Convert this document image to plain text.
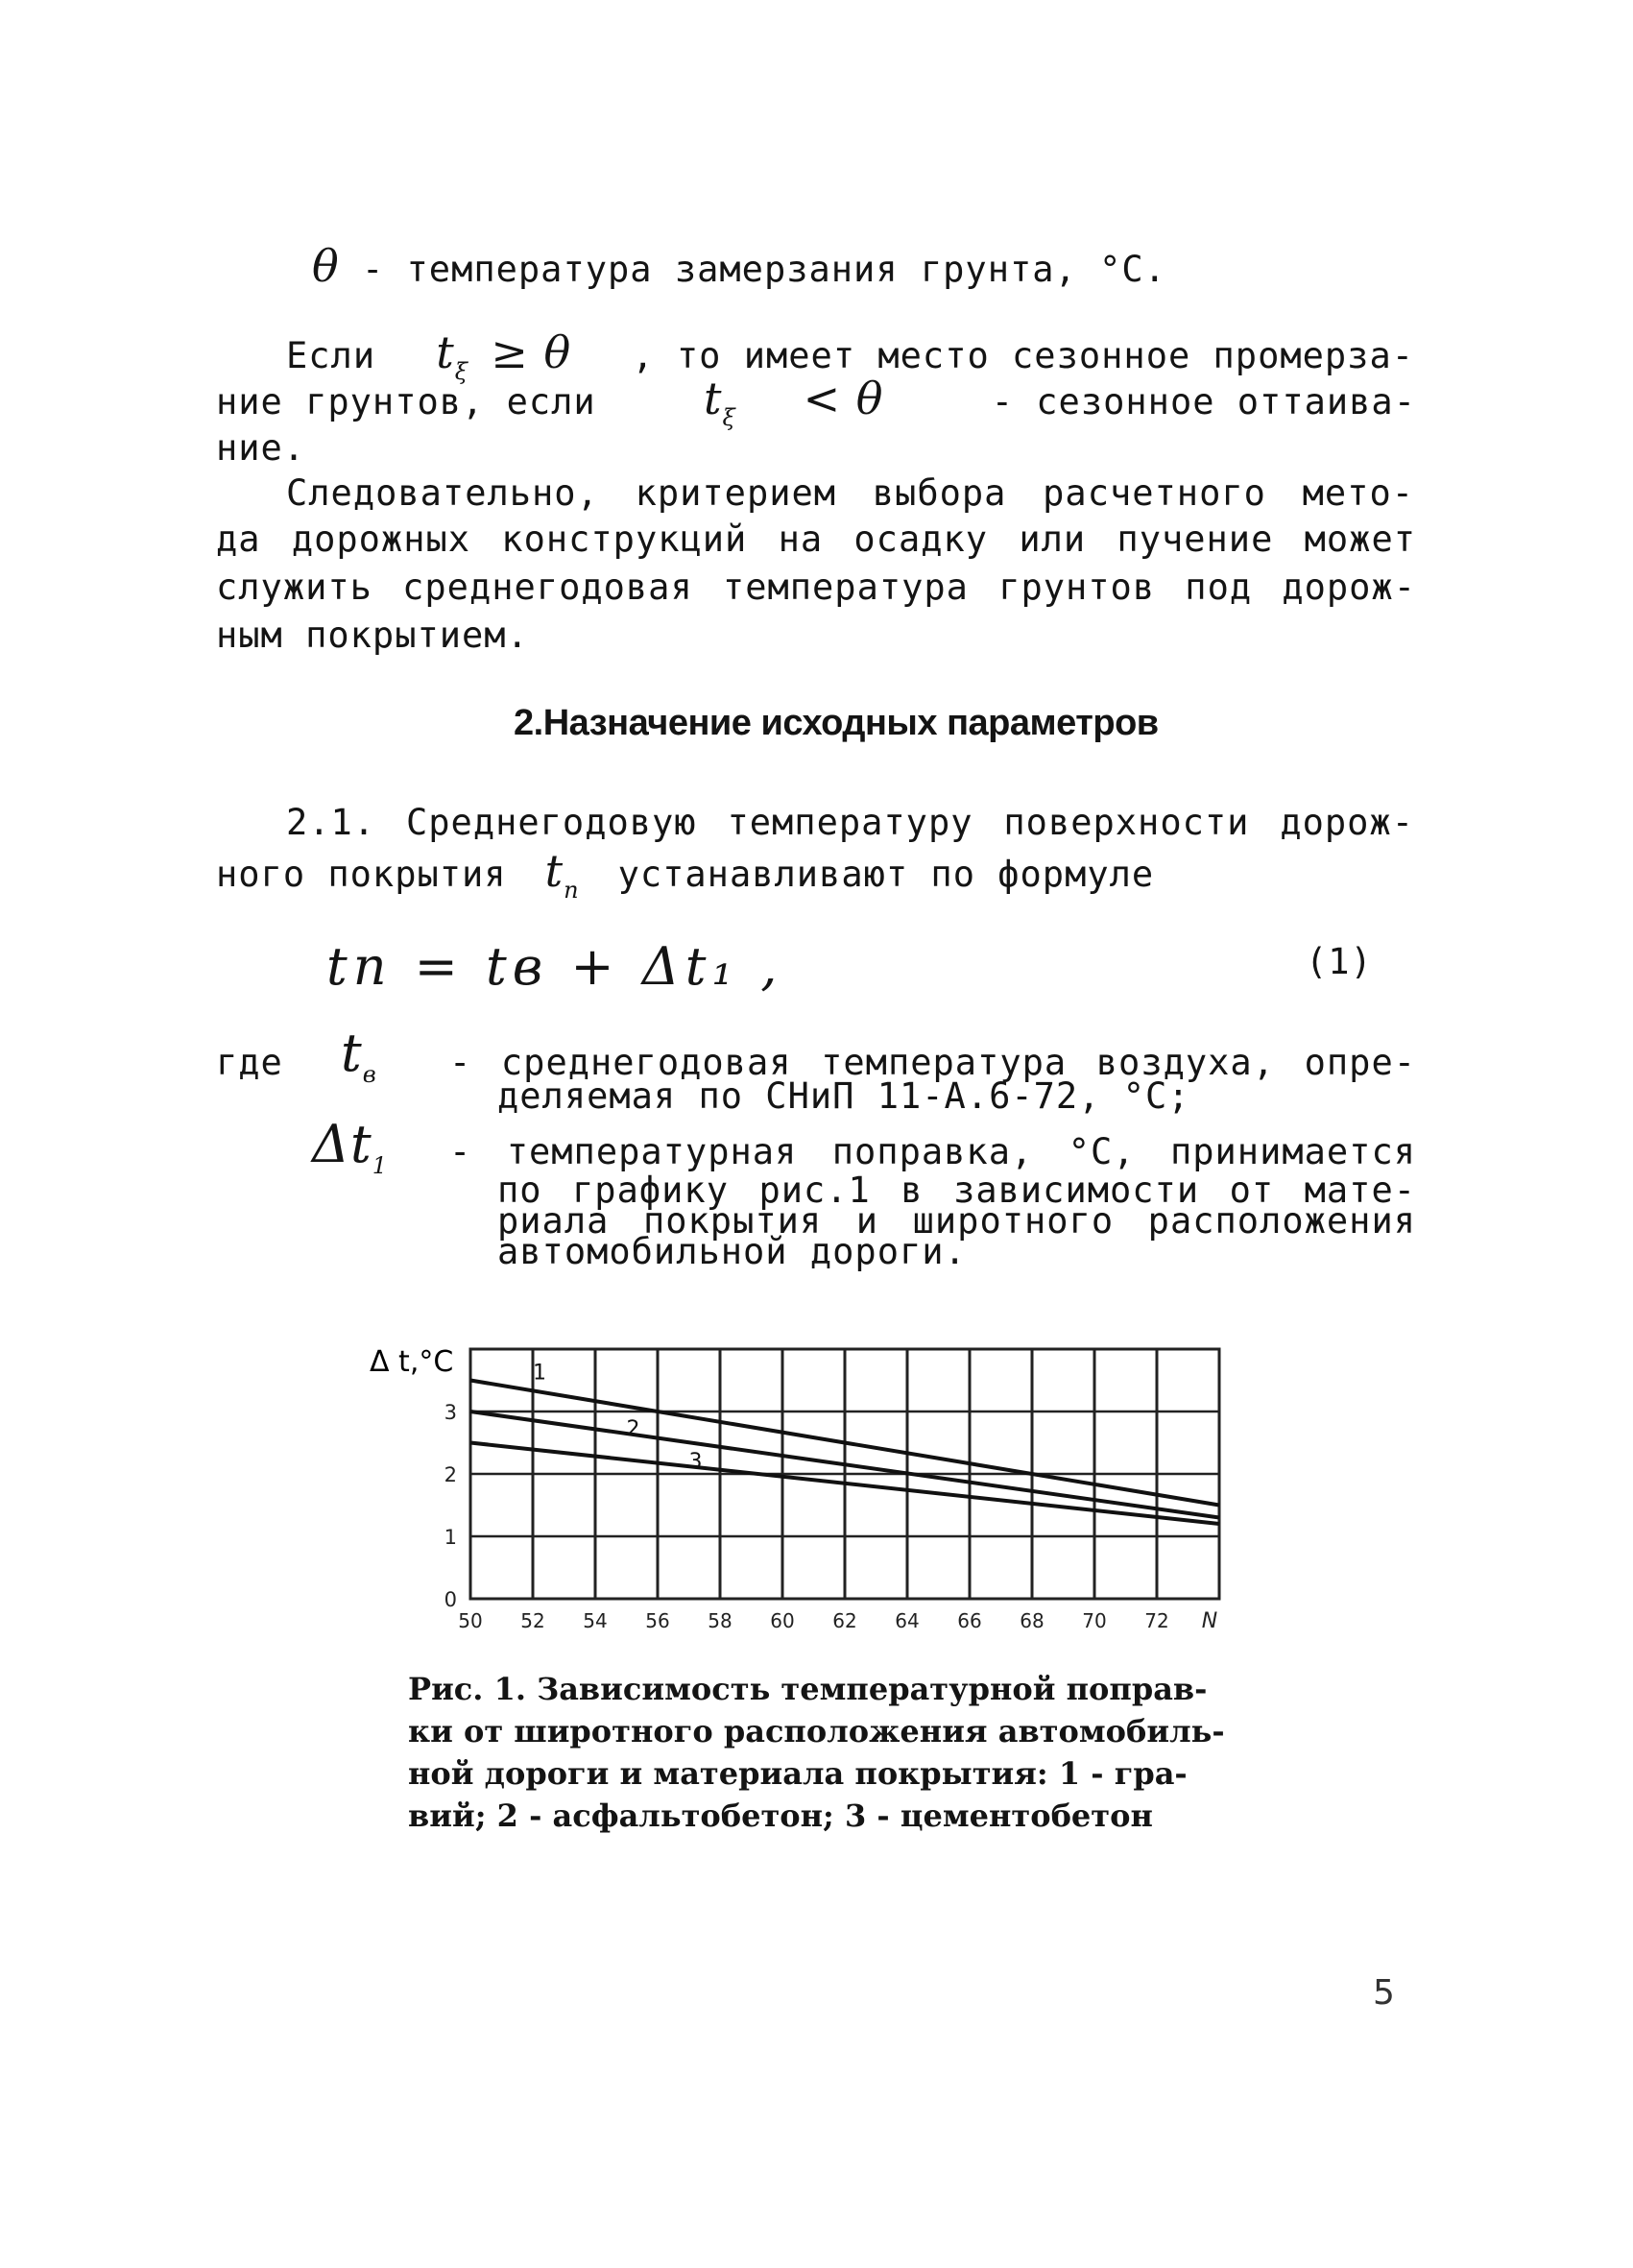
θ - температура замерзания грунта, °С.
Если $t_\xi \ge \theta$ , то имеет место сезонное промерза-
ние грунтов, если $t_\xi < \theta$	- сезонное оттаива-
ние.
Следовательно, критерием выбора расчетного мето-
да дорожных конструкций на осадку или пучение может
служить среднегодовая температура грунтов под дорож-
ным покрытием.
2.Назначение исходных параметров
2.1. Среднегодовую температуру поверхности дорож-
ного покрытия $t_п$ устанавливают по формуле
tп = tв + Δt₁ ,	(1)
где $t_в$ - среднегодовая температура воздуха, опре-
деляемая по СНиП 11-А.6-72, °С;
$\Delta t_1$ - температурная поправка, °С, принимается
по графику рис.1 в зависимости от мате-
риала покрытия и широтного расположения
автомобильной дороги.
Δ t,°С
50 52 54 56 58 60 62 64 66 68 70 72 N
0
1
2
3
1
2
3
Рис. 1. Зависимость температурной поправ-
ки от широтного расположения автомобиль-
ной дороги и материала покрытия: 1 - гра-
вий; 2 - асфальтобетон; 3 - цементобетон
5
